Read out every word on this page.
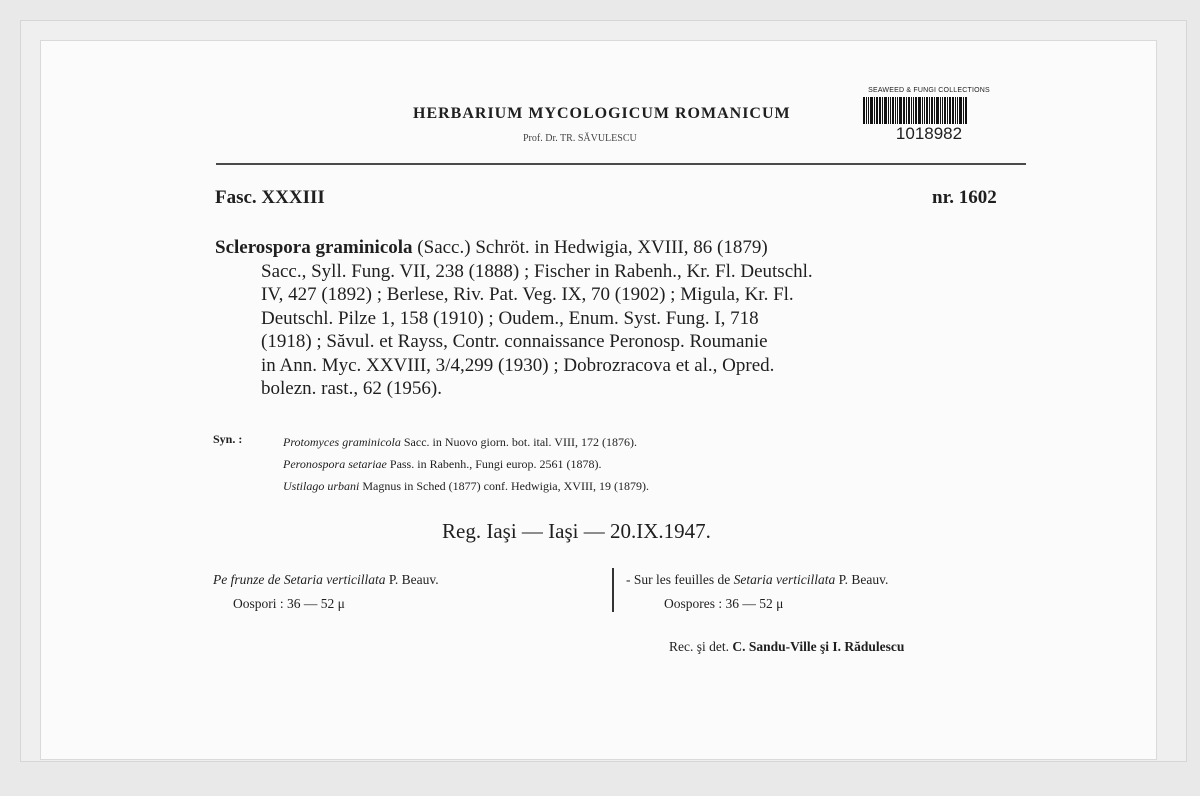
HERBARIUM MYCOLOGICUM ROMANICUM
Prof. Dr. TR. SĂVULESCU
SEAWEED & FUNGI COLLECTIONS
1018982
Fasc. XXXIII	nr. 1602
Sclerospora graminicola (Sacc.) Schröt. in Hedwigia, XVIII, 86 (1879)
Sacc., Syll. Fung. VII, 238 (1888) ; Fischer in Rabenh., Kr. Fl. Deutschl.
IV, 427 (1892) ; Berlese, Riv. Pat. Veg. IX, 70 (1902) ; Migula, Kr. Fl.
Deutschl. Pilze 1, 158 (1910) ; Oudem., Enum. Syst. Fung. I, 718
(1918) ; Săvul. et Rayss, Contr. connaissance Peronosp. Roumanie
in Ann. Myc. XXVIII, 3/4,299 (1930) ; Dobrozracova et al., Opred.
bolezn. rast., 62 (1956).
Syn. :	Protomyces graminicola Sacc. in Nuovo giorn. bot. ital. VIII, 172 (1876).
Peronospora setariae Pass. in Rabenh., Fungi europ. 2561 (1878).
Ustilago urbani Magnus in Sched (1877) conf. Hedwigia, XVIII, 19 (1879).
Reg. Iaşi — Iaşi — 20.IX.1947.
Pe frunze de Setaria verticillata P. Beauv.
Oospori : 36 — 52 μ
- Sur les feuilles de Setaria verticillata P. Beauv.
Oospores : 36 — 52 μ
Rec. şi det. C. Sandu-Ville şi I. Rădulescu
